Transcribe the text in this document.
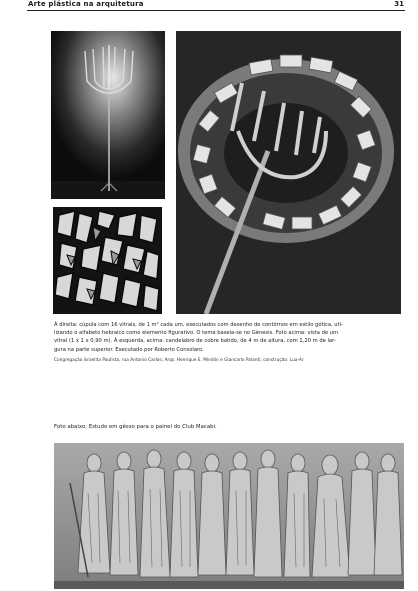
Arte plástica na arquitetura	31
À direita: cúpula com 16 vitrais, de 1 m² cada um, executados com desenho de contôrnos em estilo gótica, uti-
lizando o alfabeto hebraico como elemento figurativo. O tema baseia-se no Gênesis. Foto acima: vista de um
vitral (1 x 1 x 0,90 m). À esquerda, acima: candelabro de cobre batido, de 4 m de altura, com 1,20 m de lar-
gura na parte superior. Executado por Roberto Consolaro.
Congregação Israelita Paulista, rua Antonio Carlos; Arqs. Henrique E. Mindlin e Giancarlo Palanti; construção: Lua-Ar
Foto abaixo: Estudo em gêsso para o painel do Club Macabi.
